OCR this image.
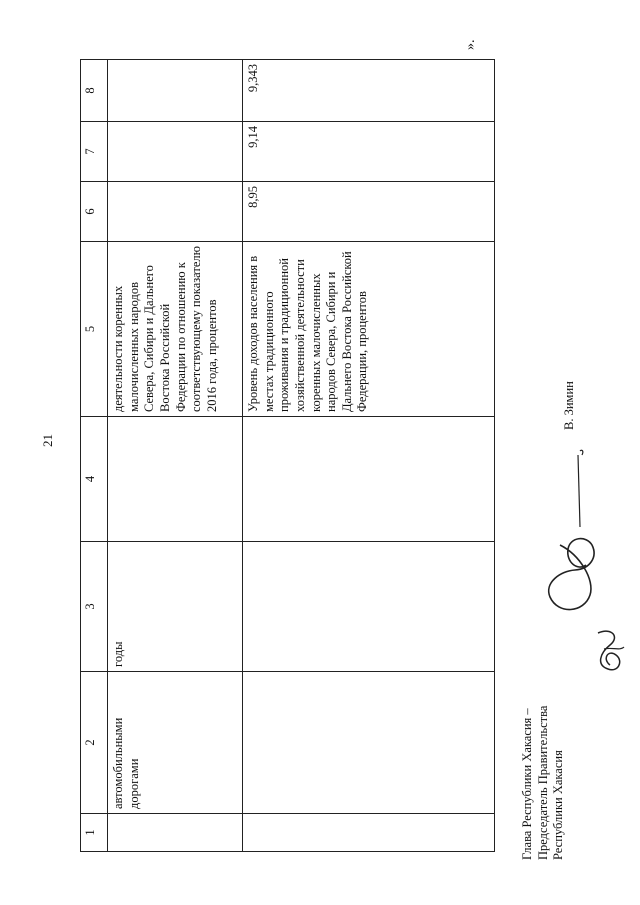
21
1	2	3	4	5	6	7	8
	автомобильными дорогами	годы		деятельности коренных малочисленных народов Севера, Сибири и Дальнего Востока Российской Федерации по отношению к соответствующему показателю 2016 года, процентов			
				Уровень доходов населения в местах традиционного проживания и традиционной хозяйственной деятельности коренных малочисленных народов Севера, Сибири и Дальнего Востока Российской Федерации, процентов	8,95	9,14	9,343
».
Глава Республики Хакасия – Председатель Правительства Республики Хакасия
В. Зимин
